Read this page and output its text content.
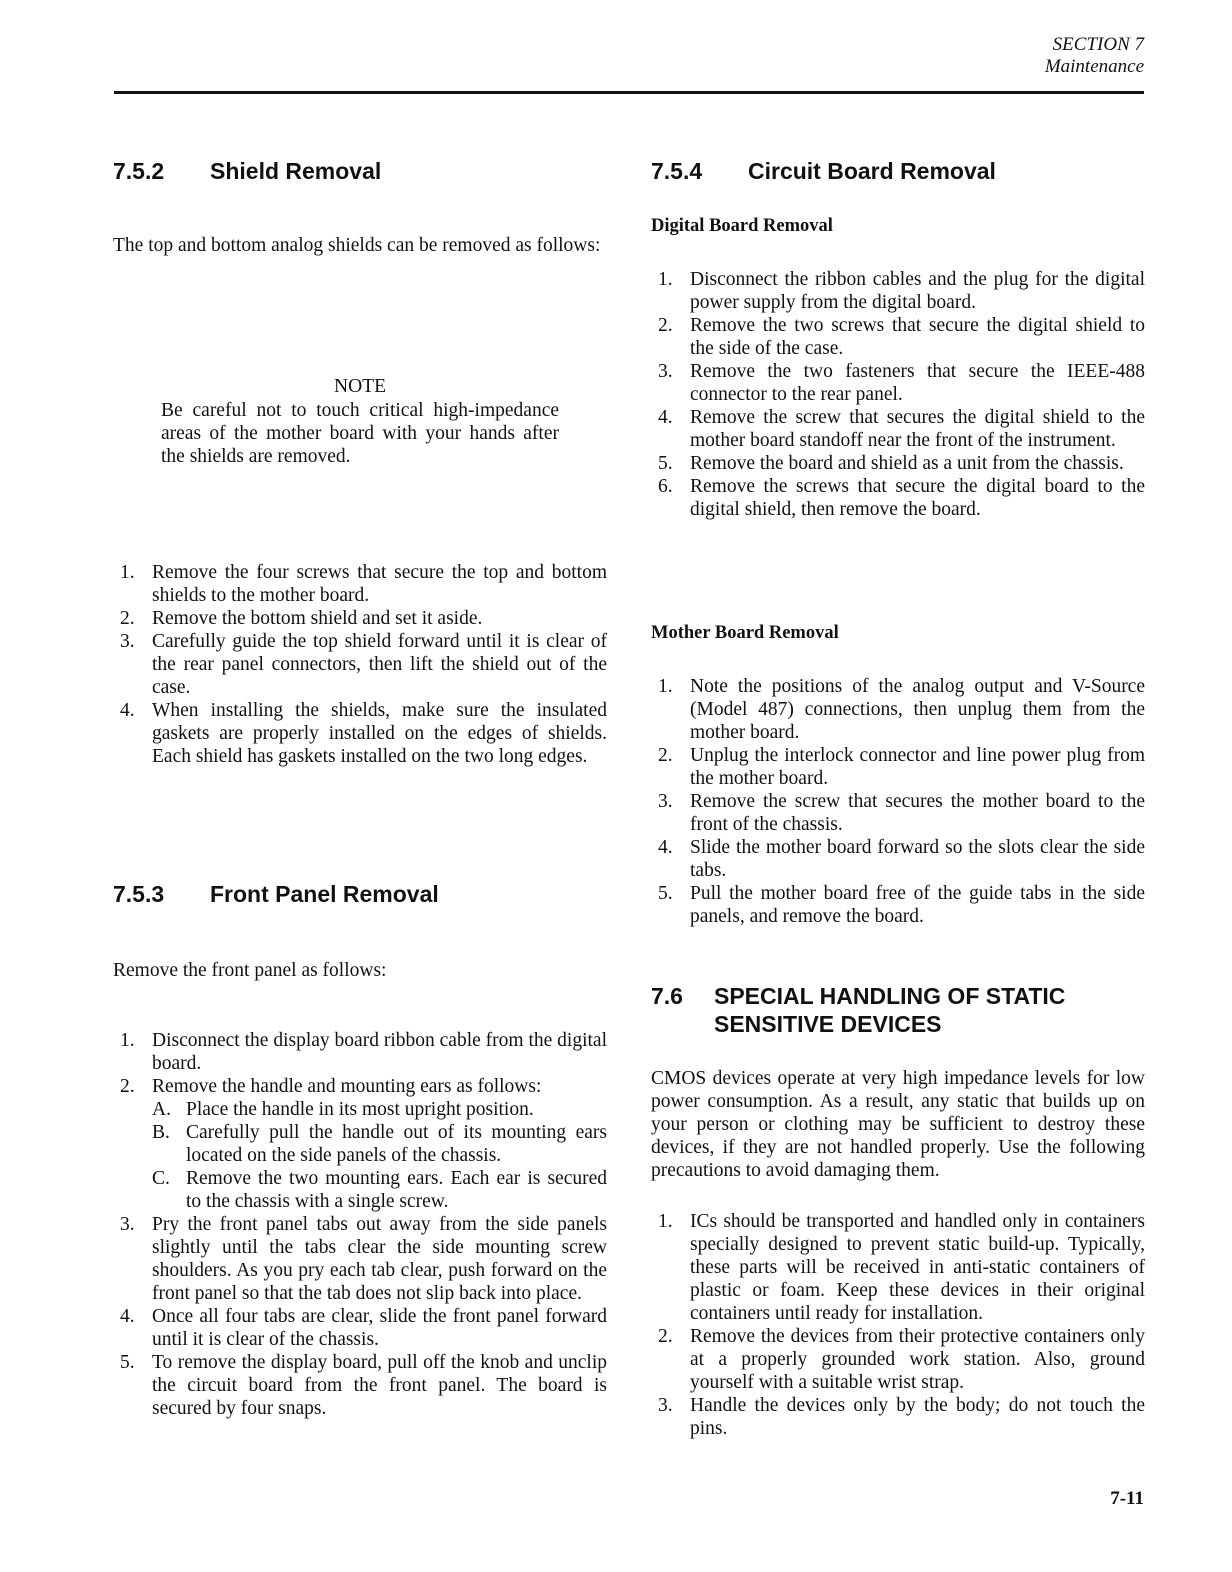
SECTION 7
Maintenance
7.5.2 Shield Removal
The top and bottom analog shields can be removed as follows:
NOTE
Be careful not to touch critical high-impedance areas of the mother board with your hands after the shields are removed.
1. Remove the four screws that secure the top and bottom shields to the mother board.
2. Remove the bottom shield and set it aside.
3. Carefully guide the top shield forward until it is clear of the rear panel connectors, then lift the shield out of the case.
4. When installing the shields, make sure the insulated gaskets are properly installed on the edges of shields. Each shield has gaskets installed on the two long edges.
7.5.3 Front Panel Removal
Remove the front panel as follows:
1. Disconnect the display board ribbon cable from the digital board.
2. Remove the handle and mounting ears as follows:
A. Place the handle in its most upright position.
B. Carefully pull the handle out of its mounting ears located on the side panels of the chassis.
C. Remove the two mounting ears. Each ear is secured to the chassis with a single screw.
3. Pry the front panel tabs out away from the side panels slightly until the tabs clear the side mounting screw shoulders. As you pry each tab clear, push forward on the front panel so that the tab does not slip back into place.
4. Once all four tabs are clear, slide the front panel forward until it is clear of the chassis.
5. To remove the display board, pull off the knob and unclip the circuit board from the front panel. The board is secured by four snaps.
7.5.4 Circuit Board Removal
Digital Board Removal
1. Disconnect the ribbon cables and the plug for the digital power supply from the digital board.
2. Remove the two screws that secure the digital shield to the side of the case.
3. Remove the two fasteners that secure the IEEE-488 connector to the rear panel.
4. Remove the screw that secures the digital shield to the mother board standoff near the front of the instrument.
5. Remove the board and shield as a unit from the chassis.
6. Remove the screws that secure the digital board to the digital shield, then remove the board.
Mother Board Removal
1. Note the positions of the analog output and V-Source (Model 487) connections, then unplug them from the mother board.
2. Unplug the interlock connector and line power plug from the mother board.
3. Remove the screw that secures the mother board to the front of the chassis.
4. Slide the mother board forward so the slots clear the side tabs.
5. Pull the mother board free of the guide tabs in the side panels, and remove the board.
7.6 SPECIAL HANDLING OF STATIC SENSITIVE DEVICES
CMOS devices operate at very high impedance levels for low power consumption. As a result, any static that builds up on your person or clothing may be sufficient to destroy these devices, if they are not handled properly. Use the following precautions to avoid damaging them.
1. ICs should be transported and handled only in containers specially designed to prevent static build-up. Typically, these parts will be received in anti-static containers of plastic or foam. Keep these devices in their original containers until ready for installation.
2. Remove the devices from their protective containers only at a properly grounded work station. Also, ground yourself with a suitable wrist strap.
3. Handle the devices only by the body; do not touch the pins.
7-11
